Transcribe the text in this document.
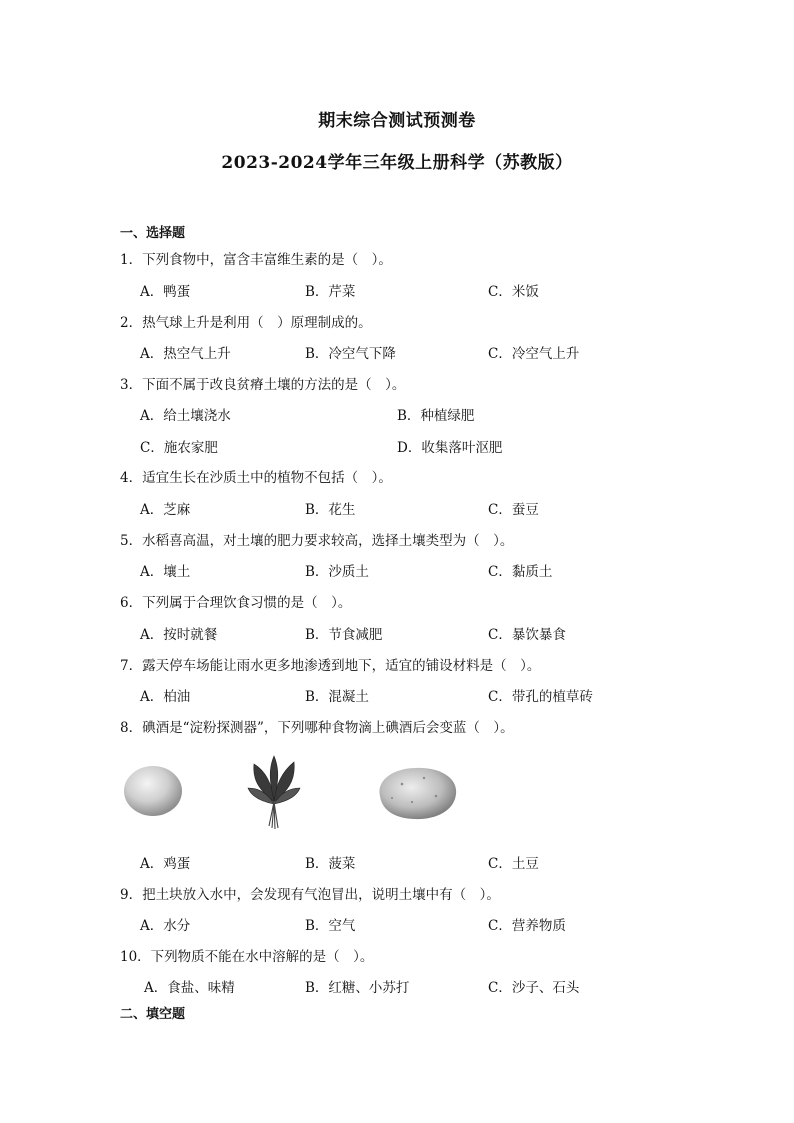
期末综合测试预测卷
2023-2024学年三年级上册科学（苏教版）
一、选择题
1．下列食物中，富含丰富维生素的是（　）。
A．鸭蛋	B．芹菜	C．米饭
2．热气球上升是利用（　）原理制成的。
A．热空气上升	B．冷空气下降	C．冷空气上升
3．下面不属于改良贫瘠土壤的方法的是（　）。
A．给土壤浇水	B．种植绿肥
C．施农家肥	D．收集落叶沤肥
4．适宜生长在沙质土中的植物不包括（　）。
A．芝麻	B．花生	C．蚕豆
5．水稻喜高温，对土壤的肥力要求较高，选择土壤类型为（　）。
A．壤土	B．沙质土	C．黏质土
6．下列属于合理饮食习惯的是（　）。
A．按时就餐	B．节食减肥	C．暴饮暴食
7．露天停车场能让雨水更多地渗透到地下，适宜的铺设材料是（　）。
A．柏油	B．混凝土	C．带孔的植草砖
8．碘酒是“淀粉探测器”，下列哪种食物滴上碘酒后会变蓝（　）。
A．鸡蛋	B．菠菜	C．土豆
9．把土块放入水中，会发现有气泡冒出，说明土壤中有（　）。
A．水分	B．空气	C．营养物质
10．下列物质不能在水中溶解的是（　）。
A．食盐、味精	B．红糖、小苏打	C．沙子、石头
二、填空题
